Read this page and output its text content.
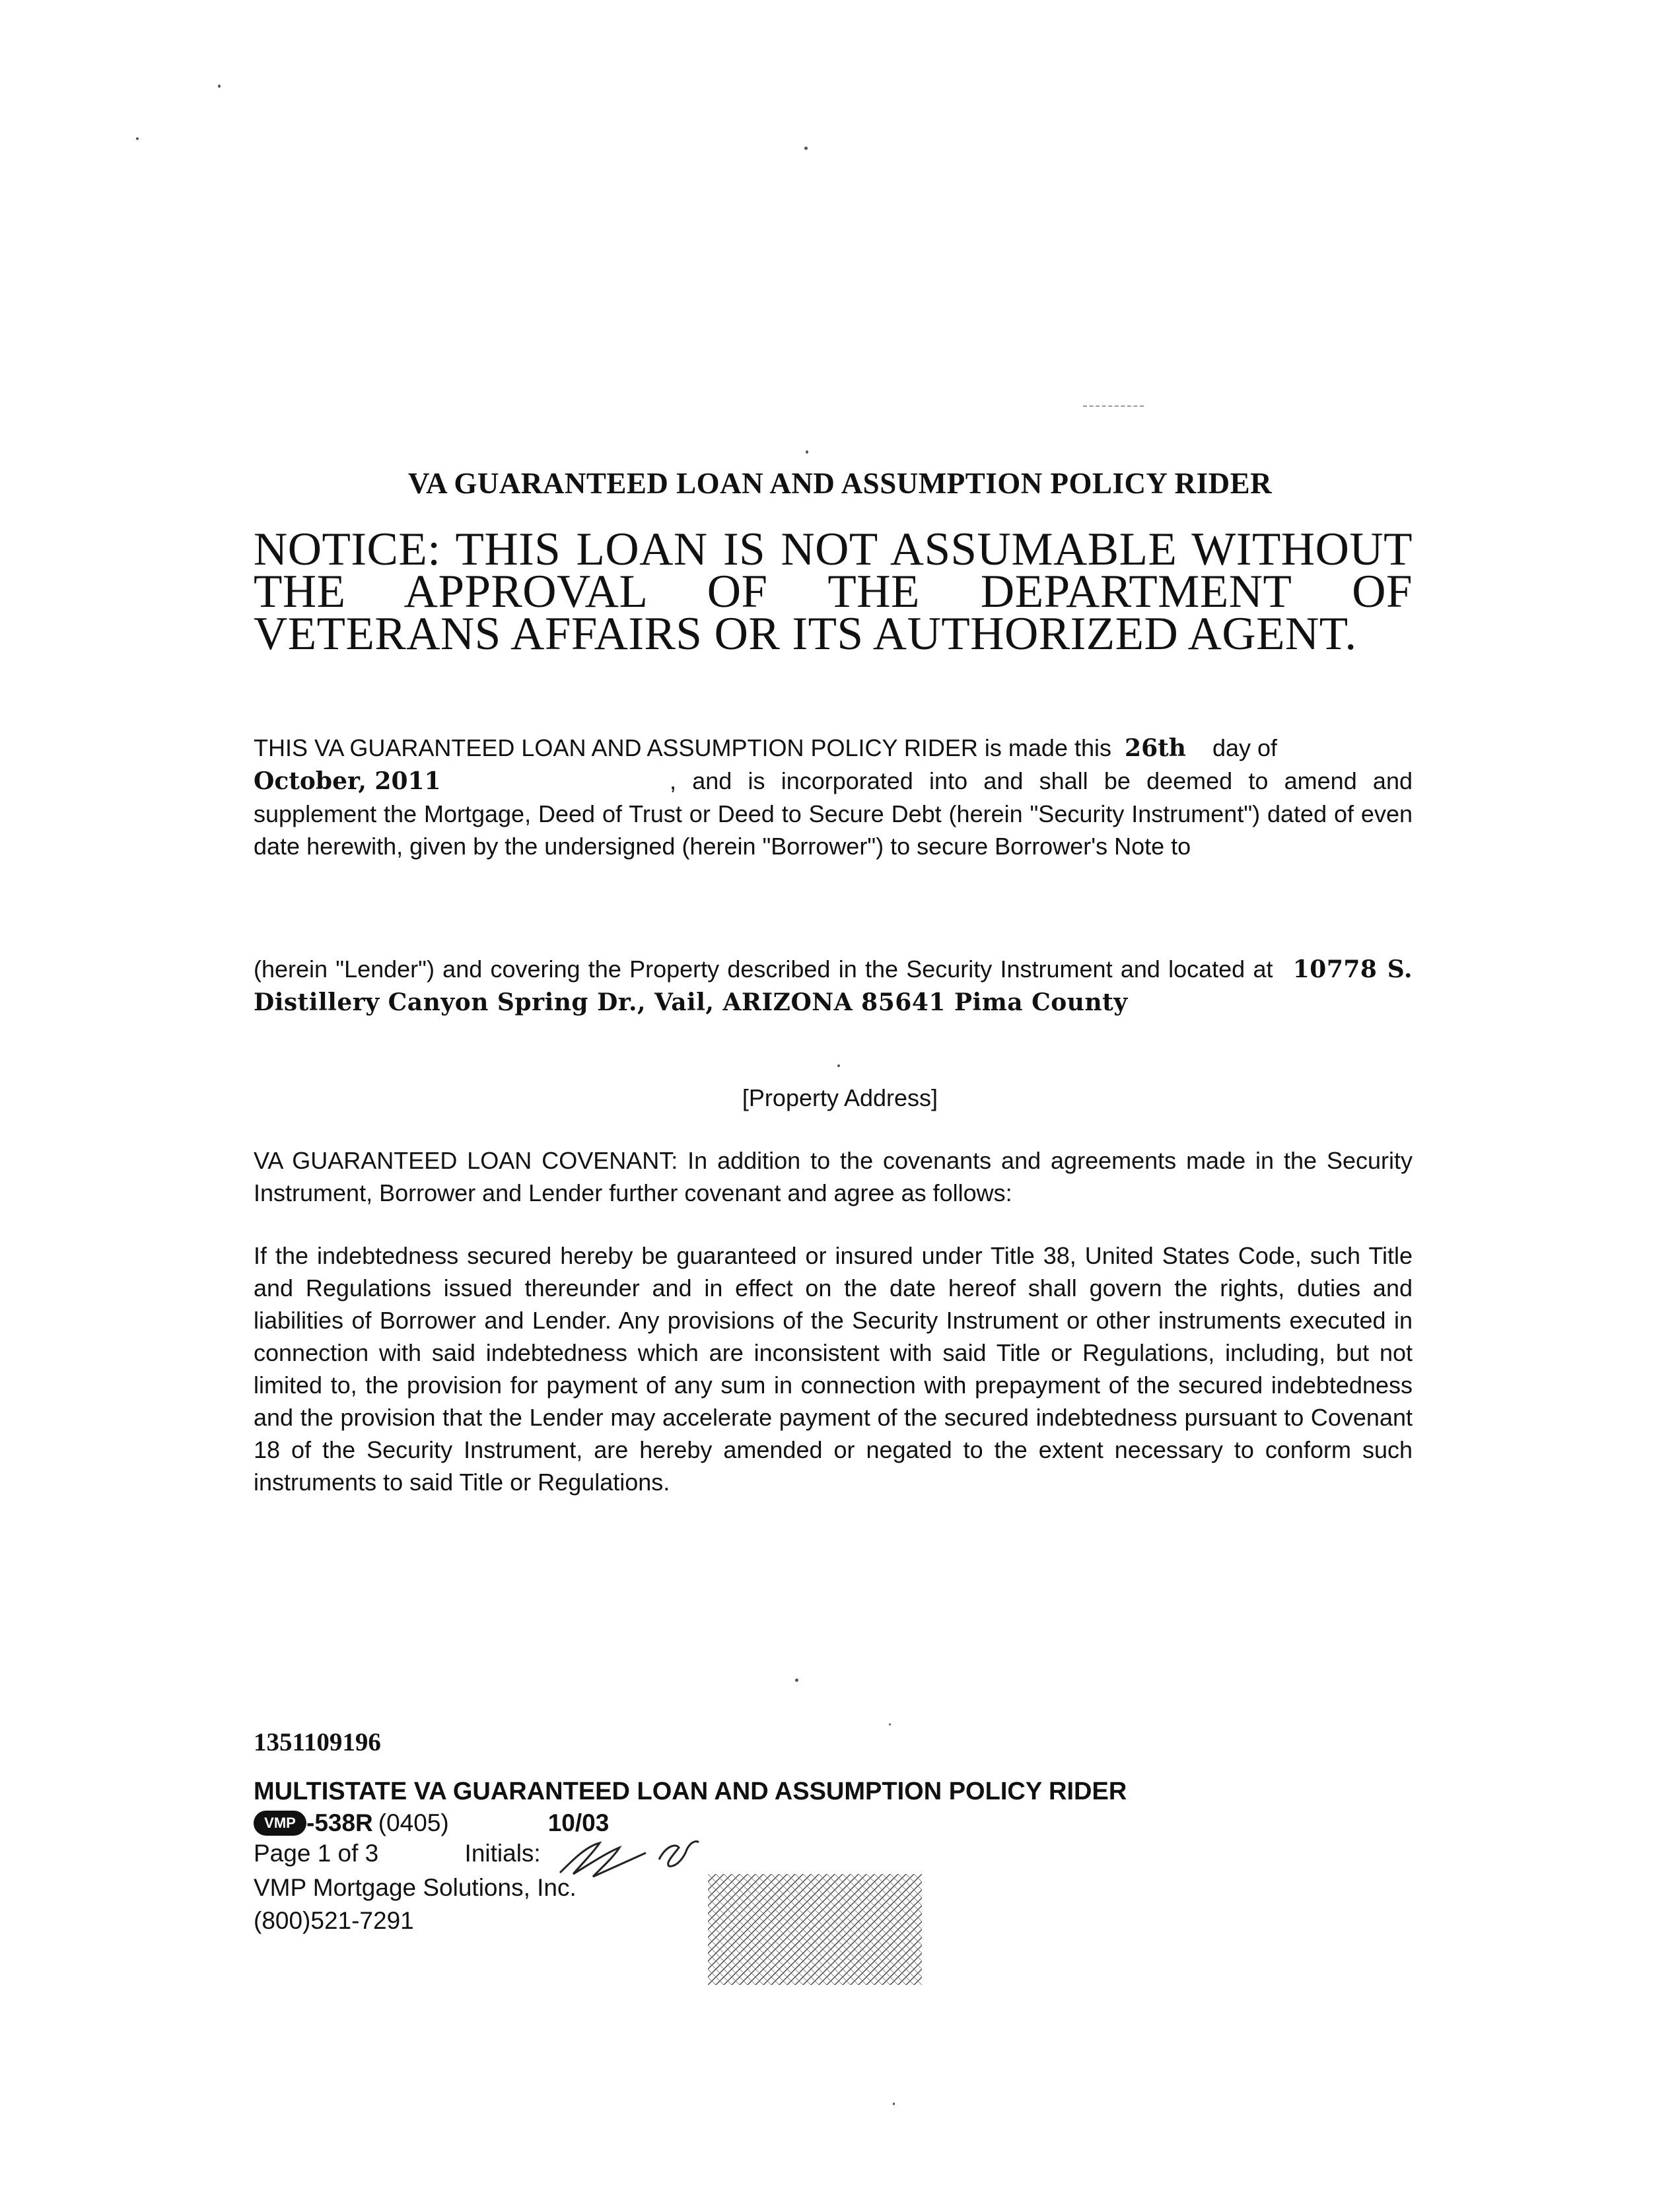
VA GUARANTEED LOAN AND ASSUMPTION POLICY RIDER
NOTICE: THIS LOAN IS NOT ASSUMABLE WITHOUT THE APPROVAL OF THE DEPARTMENT OF VETERANS AFFAIRS OR ITS AUTHORIZED AGENT.
THIS VA GUARANTEED LOAN AND ASSUMPTION POLICY RIDER is made this 26th day of
October, 2011	, and is incorporated into and shall be deemed to amend and supplement the Mortgage, Deed of Trust or Deed to Secure Debt (herein "Security Instrument") dated of even date herewith, given by the undersigned (herein "Borrower") to secure Borrower's Note to
(herein "Lender") and covering the Property described in the Security Instrument and located at 10778 S. Distillery Canyon Spring Dr., Vail, ARIZONA 85641 Pima County
[Property Address]
VA GUARANTEED LOAN COVENANT: In addition to the covenants and agreements made in the Security Instrument, Borrower and Lender further covenant and agree as follows:
If the indebtedness secured hereby be guaranteed or insured under Title 38, United States Code, such Title and Regulations issued thereunder and in effect on the date hereof shall govern the rights, duties and liabilities of Borrower and Lender. Any provisions of the Security Instrument or other instruments executed in connection with said indebtedness which are inconsistent with said Title or Regulations, including, but not limited to, the provision for payment of any sum in connection with prepayment of the secured indebtedness and the provision that the Lender may accelerate payment of the secured indebtedness pursuant to Covenant 18 of the Security Instrument, are hereby amended or negated to the extent necessary to conform such instruments to said Title or Regulations.
1351109196
MULTISTATE VA GUARANTEED LOAN AND ASSUMPTION POLICY RIDER
VMP -538R (0405)	10/03
Page 1 of 3	Initials:
VMP Mortgage Solutions, Inc.
(800)521-7291
